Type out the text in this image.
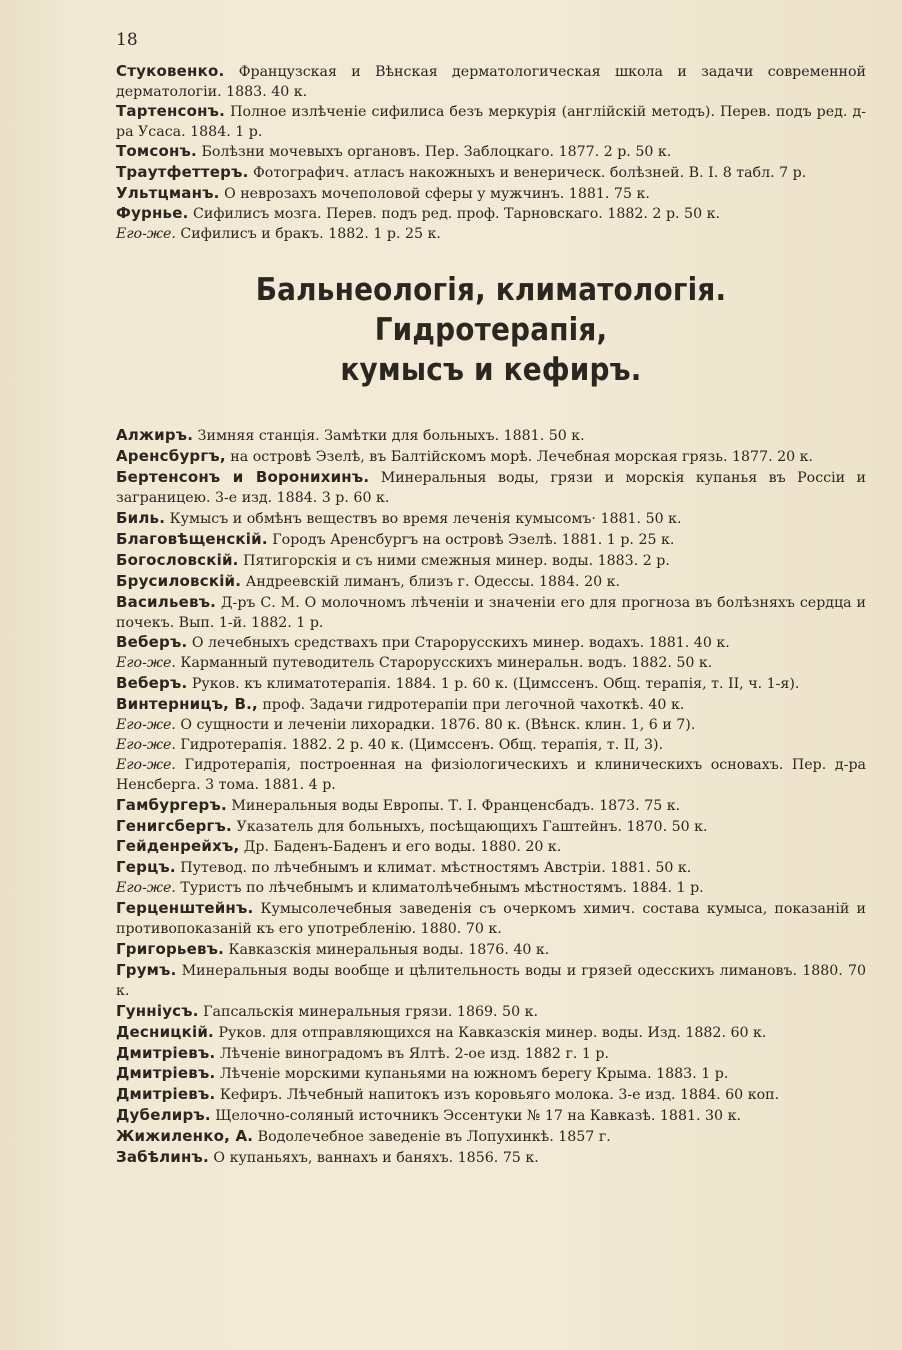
18

Стуковенко. Французская и Вѣнская дерматологическая школа и задачи современной дерматологіи. 1883. 40 к.

Тартенсонъ. Полное излѣченіе сифилиса безъ меркурія (англійскій методъ). Перев. подъ ред. д-ра Усаса. 1884. 1 р.

Томсонъ. Болѣзни мочевыхъ органовъ. Пер. Заблоцкаго. 1877. 2 р. 50 к.

Траутфеттеръ. Фотографич. атласъ накожныхъ и венерическ. болѣзней. В. I. 8 табл. 7 р.

Ультцманъ. О неврозахъ мочеполовой сферы у мужчинъ. 1881. 75 к.

Фурнье. Сифилисъ мозга. Перев. подъ ред. проф. Тарновскаго. 1882. 2 р. 50 к.

Его-же. Сифилисъ и бракъ. 1882. 1 р. 25 к.

Бальнеологія, климатологія. Гидротерапія,
кумысъ и кефиръ.

Алжиръ. Зимняя станція. Замѣтки для больныхъ. 1881. 50 к.

Аренсбургъ, на островѣ Эзелѣ, въ Балтійскомъ морѣ. Лечебная морская грязь. 1877. 20 к.

Бертенсонъ и Воронихинъ. Минеральныя воды, грязи и морскія купанья въ Россіи и заграницею. 3-е изд. 1884. 3 р. 60 к.

Биль. Кумысъ и обмѣнъ веществъ во время леченія кумысомъ· 1881. 50 к.

Благовѣщенскій. Городъ Аренсбургъ на островѣ Эзелѣ. 1881. 1 р. 25 к.

Богословскій. Пятигорскія и съ ними смежныя минер. воды. 1883. 2 р.

Брусиловскій. Андреевскій лиманъ, близъ г. Одессы. 1884. 20 к.

Васильевъ. Д-ръ С. М. О молочномъ лѣченіи и значеніи его для прогноза въ болѣзняхъ сердца и почекъ. Вып. 1-й. 1882. 1 р.

Веберъ. О лечебныхъ средствахъ при Старорусскихъ минер. водахъ. 1881. 40 к.

Его-же. Карманный путеводитель Старорусскихъ минеральн. водъ. 1882. 50 к.

Веберъ. Руков. къ климатотерапія. 1884. 1 р. 60 к. (Цимссенъ. Общ. терапія, т. II, ч. 1-я).

Винтерницъ, В., проф. Задачи гидротерапіи при легочной чахоткѣ. 40 к.

Его-же. О сущности и леченіи лихорадки. 1876. 80 к. (Вѣнск. клин. 1, 6 и 7).

Его-же. Гидротерапія. 1882. 2 р. 40 к. (Цимссенъ. Общ. терапія, т. II, 3).

Его-же. Гидротерапія, построенная на физіологическихъ и клиническихъ основахъ. Пер. д-ра Ненсберга. 3 тома. 1881. 4 р.

Гамбургеръ. Минеральныя воды Европы. Т. I. Франценсбадъ. 1873. 75 к.

Генигсбергъ. Указатель для больныхъ, посѣщающихъ Гаштейнъ. 1870. 50 к.

Гейденрейхъ, Др. Баденъ-Баденъ и его воды. 1880. 20 к.

Герцъ. Путевод. по лѣчебнымъ и климат. мѣстностямъ Австріи. 1881. 50 к.

Его-же. Туристъ по лѣчебнымъ и климатолѣчебнымъ мѣстностямъ. 1884. 1 р.

Герценштейнъ. Кумысолечебныя заведенія съ очеркомъ химич. состава кумыса, показаній и противопоказаній къ его употребленію. 1880. 70 к.

Григорьевъ. Кавказскія минеральныя воды. 1876. 40 к.

Грумъ. Минеральныя воды вообще и цѣлительность воды и грязей одесскихъ лимановъ. 1880. 70 к.

Гунніусъ. Гапсальскія минеральныя грязи. 1869. 50 к.

Десницкій. Руков. для отправляющихся на Кавказскія минер. воды. Изд. 1882. 60 к.

Дмитріевъ. Лѣченіе виноградомъ въ Ялтѣ. 2-ое изд. 1882 г. 1 р.

Дмитріевъ. Лѣченіе морскими купаньями на южномъ берегу Крыма. 1883. 1 р.

Дмитріевъ. Кефиръ. Лѣчебный напитокъ изъ коровьяго молока. 3-е изд. 1884. 60 коп.

Дубелиръ. Щелочно-соляный источникъ Эссентуки № 17 на Кавказѣ. 1881. 30 к.

Жижиленко, А. Водолечебное заведеніе въ Лопухинкѣ. 1857 г.

Забѣлинъ. О купаньяхъ, ваннахъ и баняхъ. 1856. 75 к.
